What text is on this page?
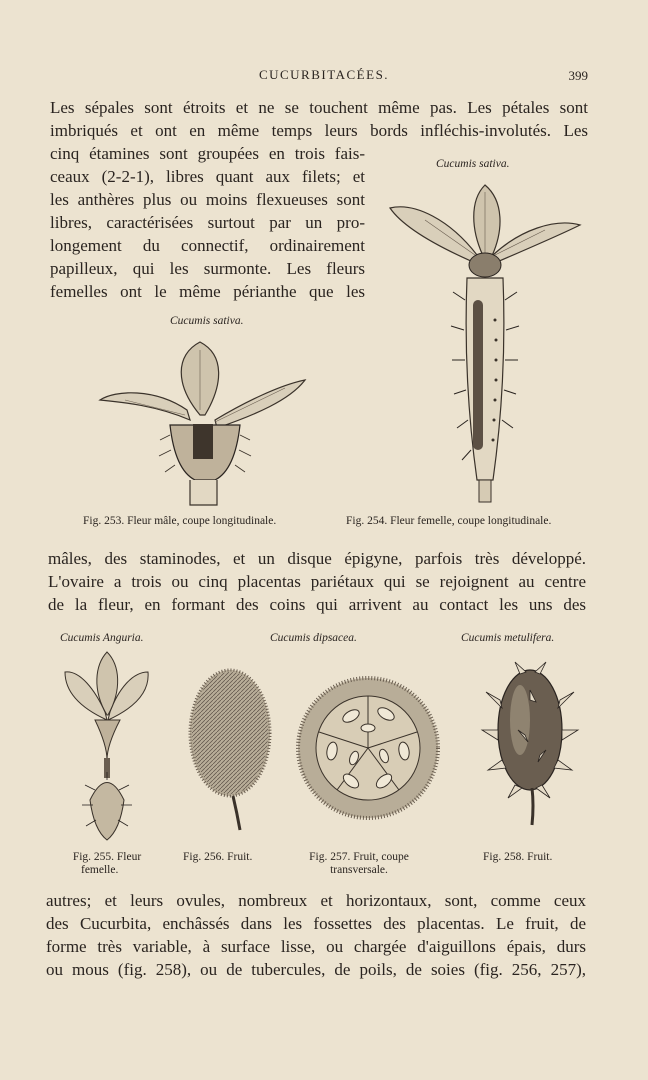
CUCURBITACÉES.	399
Les sépales sont étroits et ne se touchent même pas. Les pétales sont
imbriqués et ont en même temps leurs bords infléchis-involutés. Les
cinq étamines sont groupées en trois fais-
ceaux (2-2-1), libres quant aux filets; et
les anthères plus ou moins flexueuses sont
libres, caractérisées surtout par un pro-
longement du connectif, ordinairement
papilleux, qui les surmonte. Les fleurs
femelles ont le même périanthe que les
Cucumis sativa.
Cucumis sativa.
Fig. 253. Fleur mâle, coupe longitudinale.	Fig. 254. Fleur femelle, coupe longitudinale.
mâles, des staminodes, et un disque épigyne, parfois très développé.
L'ovaire a trois ou cinq placentas pariétaux qui se rejoignent au centre
de la fleur, en formant des coins qui arrivent au contact les uns des
Cucumis Anguria.	Cucumis dipsacea.	Cucumis metulifera.
Fig. 255. Fleur
femelle.
Fig. 256. Fruit.	Fig. 257. Fruit, coupe
transversale.
Fig. 258. Fruit.
autres; et leurs ovules, nombreux et horizontaux, sont, comme ceux
des Cucurbita, enchâssés dans les fossettes des placentas. Le fruit, de
forme très variable, à surface lisse, ou chargée d'aiguillons épais, durs
ou mous (fig. 258), ou de tubercules, de poils, de soies (fig. 256, 257),
